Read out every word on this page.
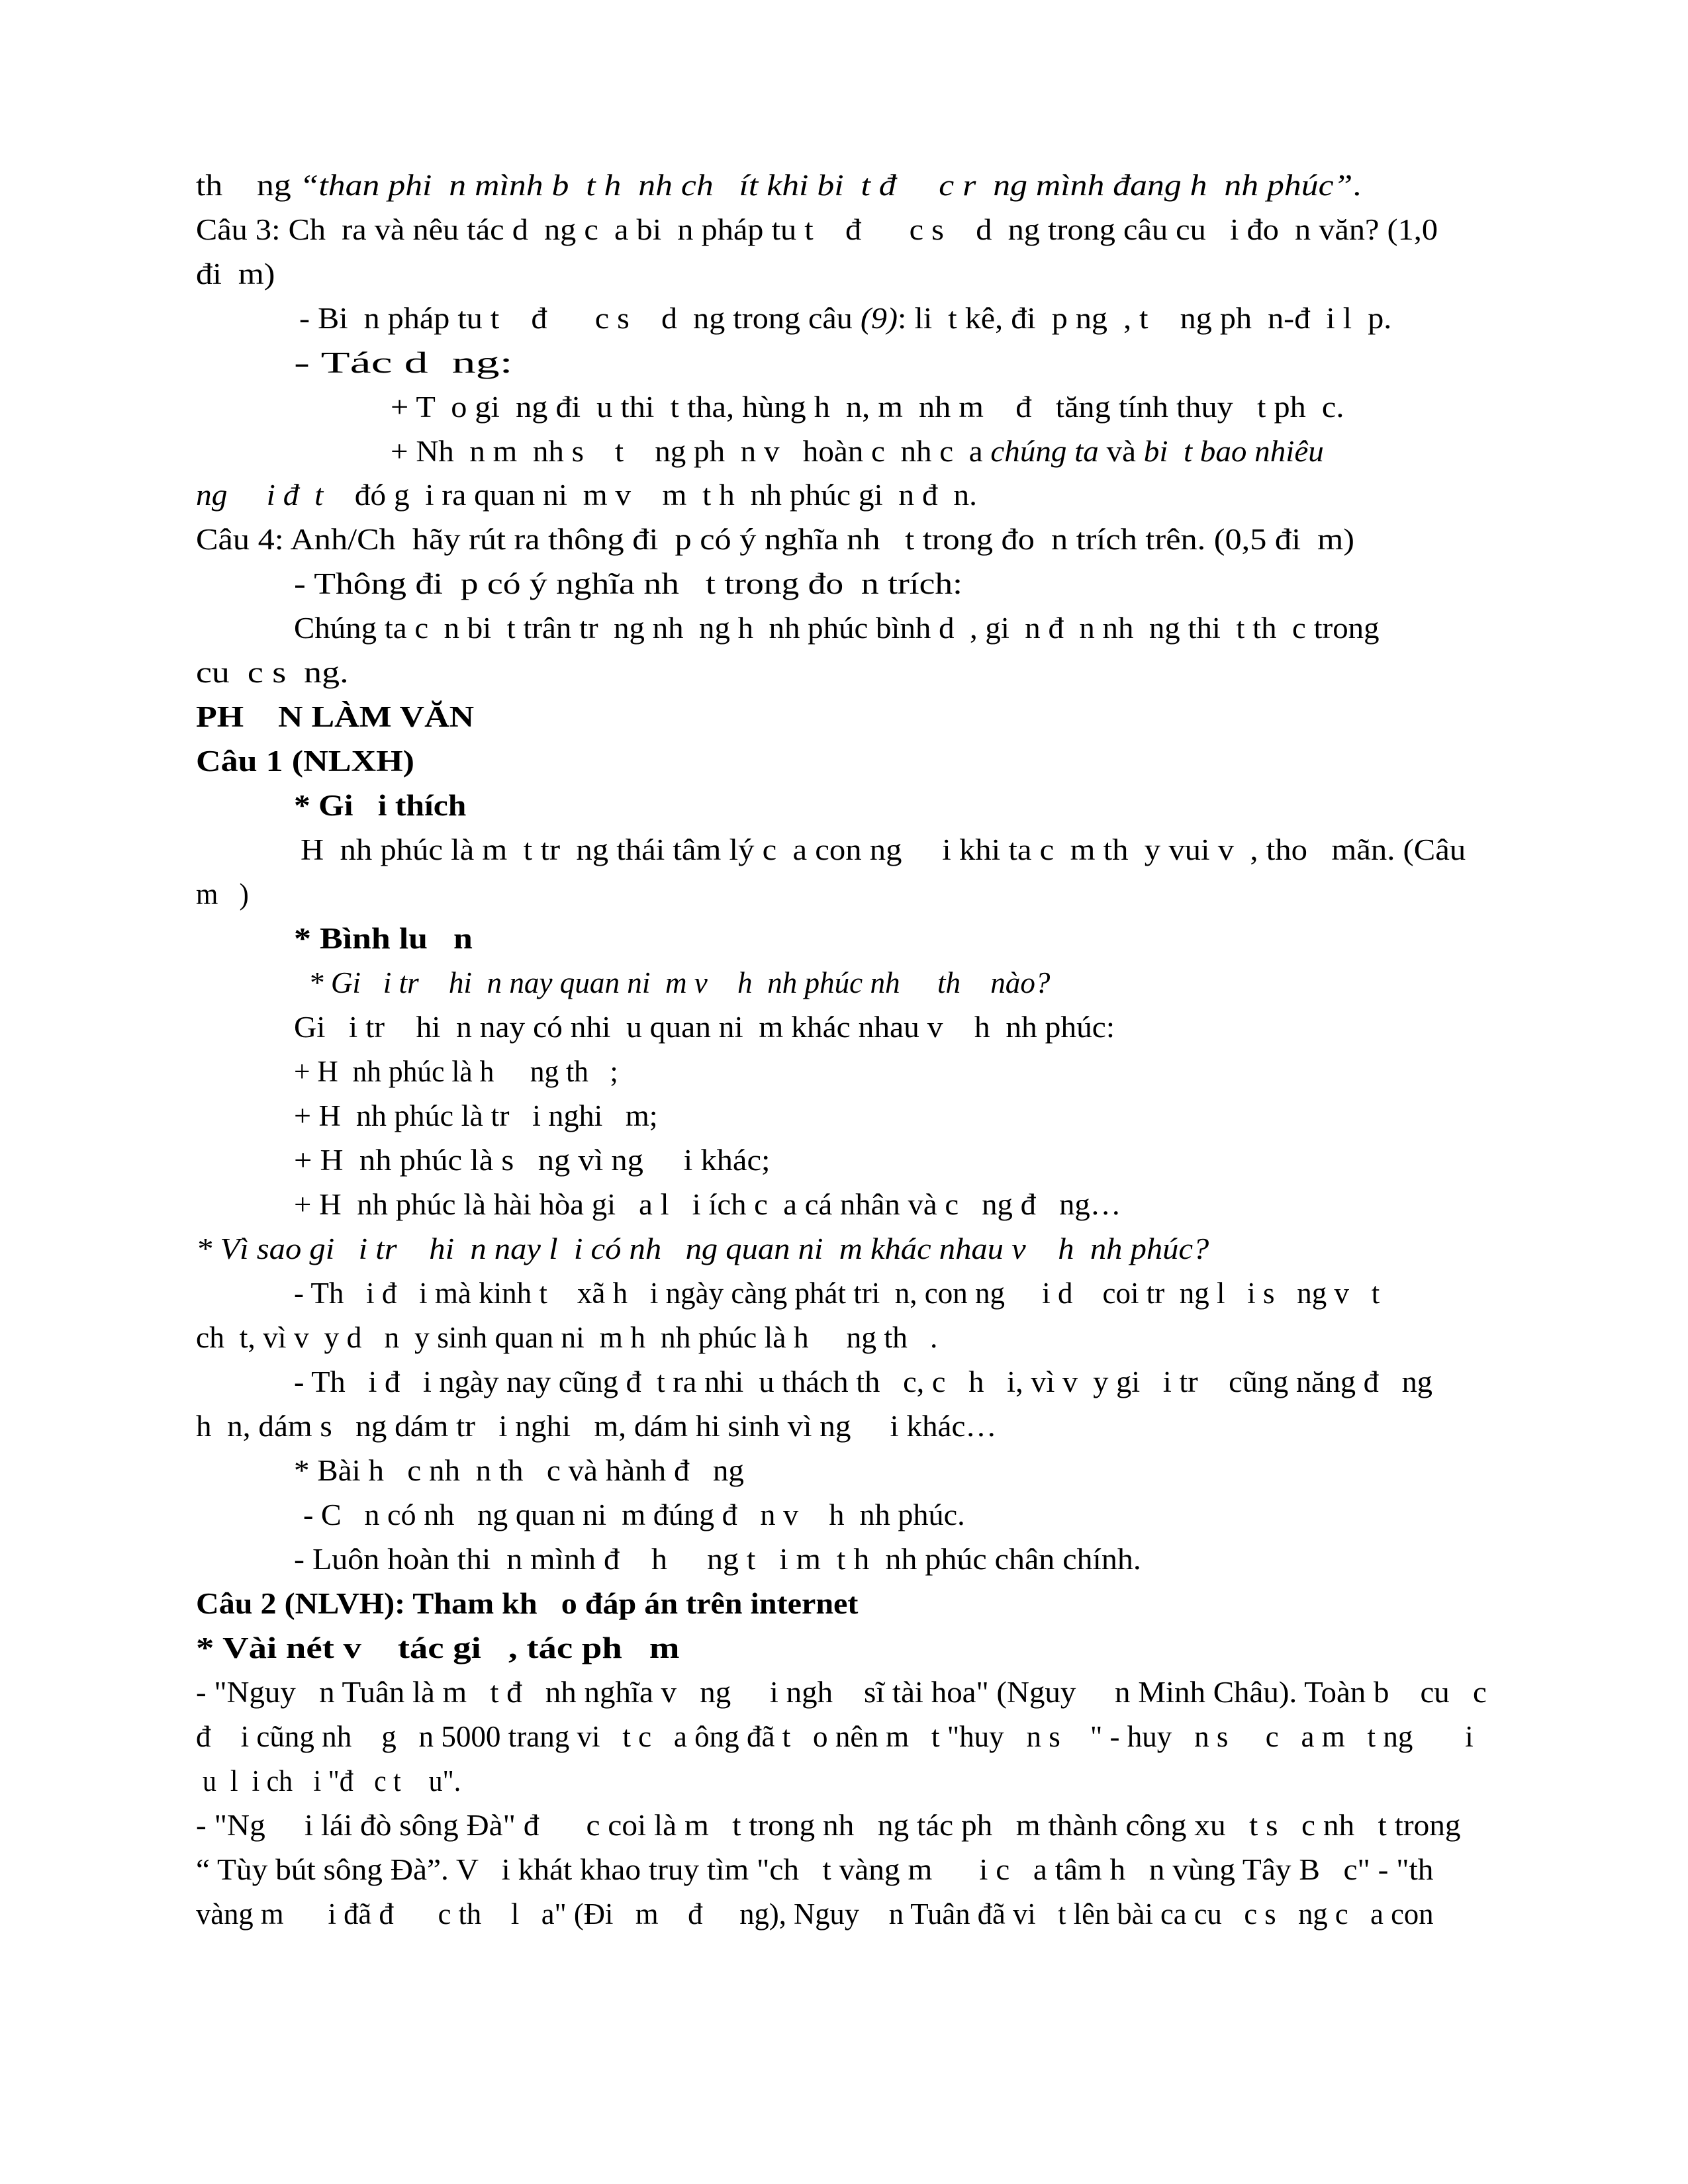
th    ng “than phi  n mình b  t h  nh ch   ít khi bi  t đ     c r  ng mình đang h  nh phúc”.
Câu 3: Ch  ra và nêu tác d  ng c  a bi  n pháp tu t    đ      c s    d  ng trong câu cu   i đo  n văn? (1,0
đi  m)
- Bi  n pháp tu t    đ      c s    d  ng trong câu (9): li  t kê, đi  p ng  , t    ng ph  n-đ  i l  p.
- Tác d  ng:
+ T  o gi  ng đi  u thi  t tha, hùng h  n, m  nh m    đ   tăng tính thuy   t ph  c.
+ Nh  n m  nh s    t    ng ph  n v   hoàn c  nh c  a chúng ta và bi  t bao nhiêu
ng     i đ  t    đó g  i ra quan ni  m v    m  t h  nh phúc gi  n đ  n.
Câu 4: Anh/Ch  hãy rút ra thông đi  p có ý nghĩa nh   t trong đo  n trích trên. (0,5 đi  m)
- Thông đi  p có ý nghĩa nh   t trong đo  n trích:
Chúng ta c  n bi  t trân tr  ng nh  ng h  nh phúc bình d  , gi  n đ  n nh  ng thi  t th  c trong
cu  c s  ng.
PH    N LÀM VĂN
Câu 1 (NLXH)
* Gi   i thích
H  nh phúc là m  t tr  ng thái tâm lý c  a con ng     i khi ta c  m th  y vui v  , tho   mãn. (Câu
m   )
* Bình lu   n
* Gi   i tr    hi  n nay quan ni  m v    h  nh phúc nh     th    nào?
Gi   i tr    hi  n nay có nhi  u quan ni  m khác nhau v    h  nh phúc:
+ H  nh phúc là h     ng th   ;
+ H  nh phúc là tr   i nghi   m;
+ H  nh phúc là s   ng vì ng     i khác;
+ H  nh phúc là hài hòa gi   a l   i ích c  a cá nhân và c   ng đ   ng…
* Vì sao gi   i tr    hi  n nay l  i có nh   ng quan ni  m khác nhau v    h  nh phúc?
- Th   i đ   i mà kinh t    xã h   i ngày càng phát tri  n, con ng     i d    coi tr  ng l   i s   ng v   t
ch  t, vì v  y d   n  y sinh quan ni  m h  nh phúc là h     ng th   .
- Th   i đ   i ngày nay cũng đ  t ra nhi  u thách th   c, c   h   i, vì v  y gi   i tr    cũng năng đ   ng
h  n, dám s   ng dám tr   i nghi   m, dám hi sinh vì ng     i khác…
* Bài h   c nh  n th   c và hành đ   ng
- C   n có nh   ng quan ni  m đúng đ   n v    h  nh phúc.
- Luôn hoàn thi  n mình đ    h     ng t   i m  t h  nh phúc chân chính.
Câu 2 (NLVH): Tham kh   o đáp án trên internet
* Vài nét v    tác gi   , tác ph   m
- "Nguy   n Tuân là m   t đ   nh nghĩa v   ng     i ngh    sĩ tài hoa" (Nguy     n Minh Châu). Toàn b    cu   c
đ    i cũng nh    g   n 5000 trang vi   t c   a ông đã t   o nên m   t "huy   n s    " - huy   n s     c   a m   t ng       i
u  l  i ch   i "đ   c t    u".
- "Ng     i lái đò sông Đà" đ      c coi là m   t trong nh   ng tác ph   m thành công xu   t s   c nh   t trong
“ Tùy bút sông Đà”. V   i khát khao truy tìm "ch   t vàng m      i c   a tâm h   n vùng Tây B   c" - "th
vàng m      i đã đ      c th    l   a" (Đi   m    đ     ng), Nguy    n Tuân đã vi   t lên bài ca cu   c s   ng c   a con
